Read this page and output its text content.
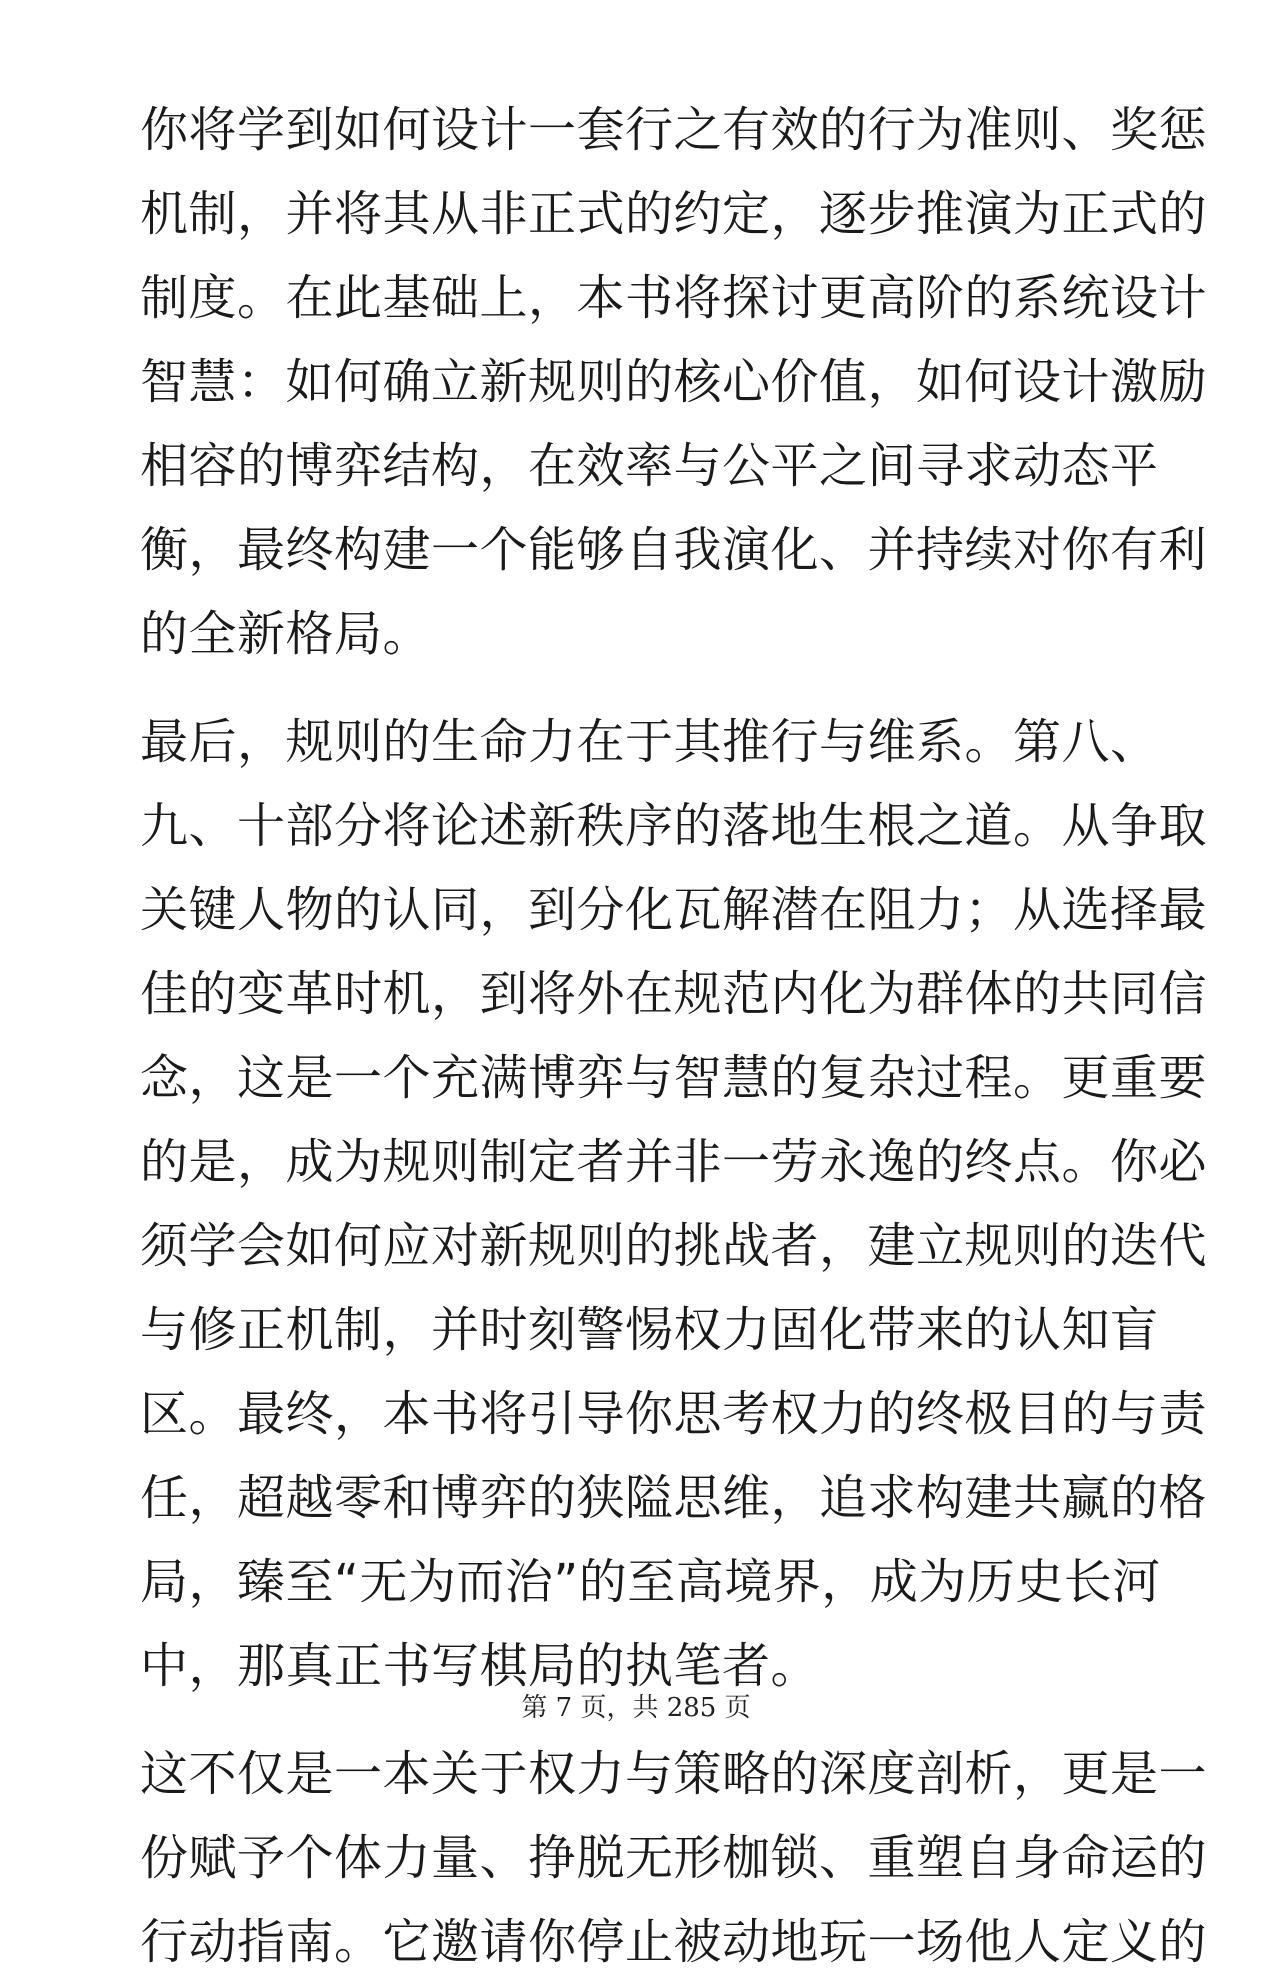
你将学到如何设计一套行之有效的行为准则、奖惩
机制，并将其从非正式的约定，逐步推演为正式的
制度。在此基础上，本书将探讨更高阶的系统设计
智慧：如何确立新规则的核心价值，如何设计激励
相容的博弈结构，在效率与公平之间寻求动态平
衡，最终构建一个能够自我演化、并持续对你有利
的全新格局。
最后，规则的生命力在于其推行与维系。第八、
九、十部分将论述新秩序的落地生根之道。从争取
关键人物的认同，到分化瓦解潜在阻力；从选择最
佳的变革时机，到将外在规范内化为群体的共同信
念，这是一个充满博弈与智慧的复杂过程。更重要
的是，成为规则制定者并非一劳永逸的终点。你必
须学会如何应对新规则的挑战者，建立规则的迭代
与修正机制，并时刻警惕权力固化带来的认知盲
区。最终，本书将引导你思考权力的终极目的与责
任，超越零和博弈的狭隘思维，追求构建共赢的格
局，臻至“无为而治”的至高境界，成为历史长河
中，那真正书写棋局的执笔者。
这不仅是一本关于权力与策略的深度剖析，更是一
份赋予个体力量、挣脱无形枷锁、重塑自身命运的
行动指南。它邀请你停止被动地玩一场他人定义的
第 7 页，共 285 页
